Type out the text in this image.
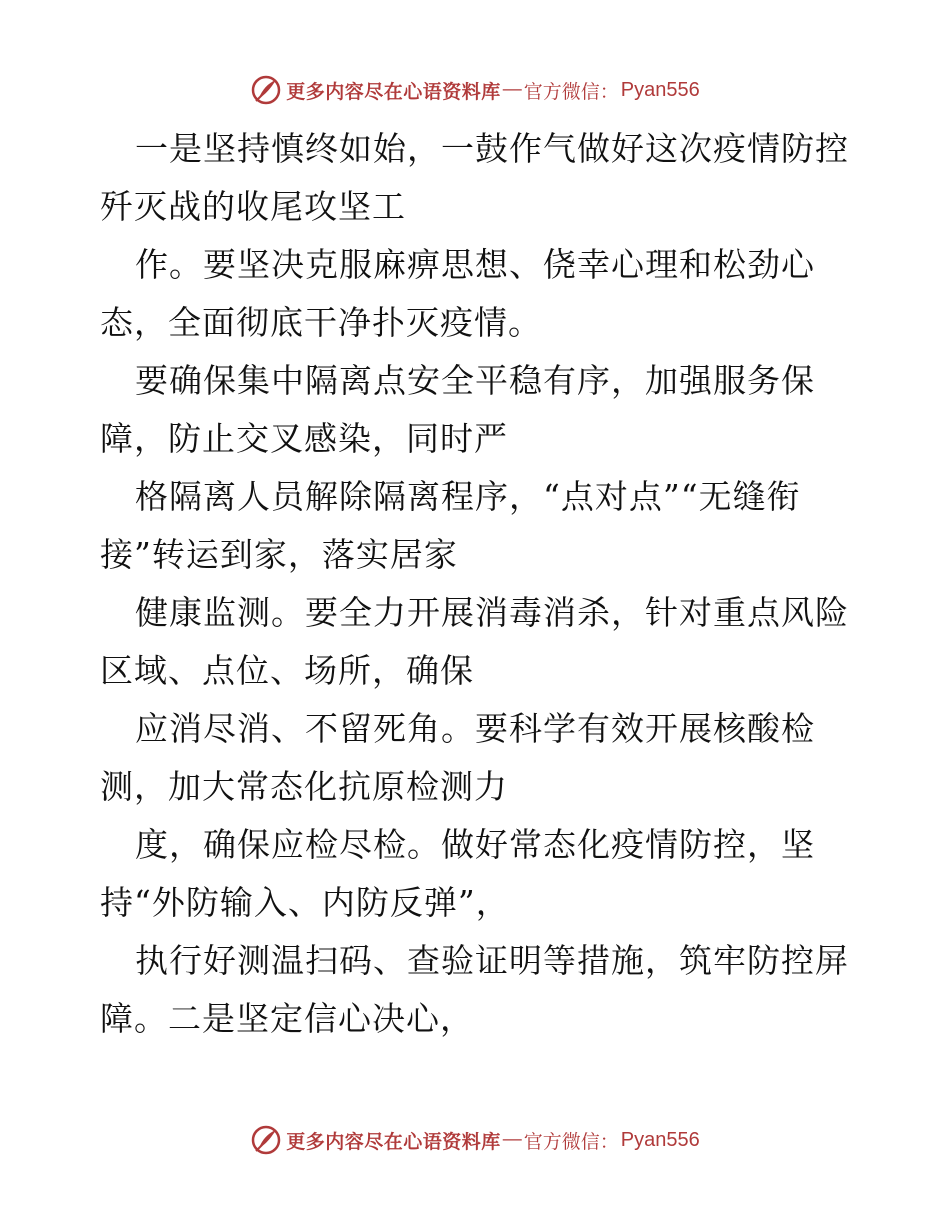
更多内容尽在心语资料库 — 官方微信： Pyan556
一是坚持慎终如始，一鼓作气做好这次疫情防控
歼灭战的收尾攻坚工
作。要坚决克服麻痹思想、侥幸心理和松劲心
态，全面彻底干净扑灭疫情。
要确保集中隔离点安全平稳有序，加强服务保
障，防止交叉感染，同时严
格隔离人员解除隔离程序，“点对点”“无缝衔
接”转运到家，落实居家
健康监测。要全力开展消毒消杀，针对重点风险
区域、点位、场所，确保
应消尽消、不留死角。要科学有效开展核酸检
测，加大常态化抗原检测力
度，确保应检尽检。做好常态化疫情防控，坚
持“外防输入、内防反弹”，
执行好测温扫码、查验证明等措施，筑牢防控屏
障。二是坚定信心决心，
更多内容尽在心语资料库 — 官方微信： Pyan556
